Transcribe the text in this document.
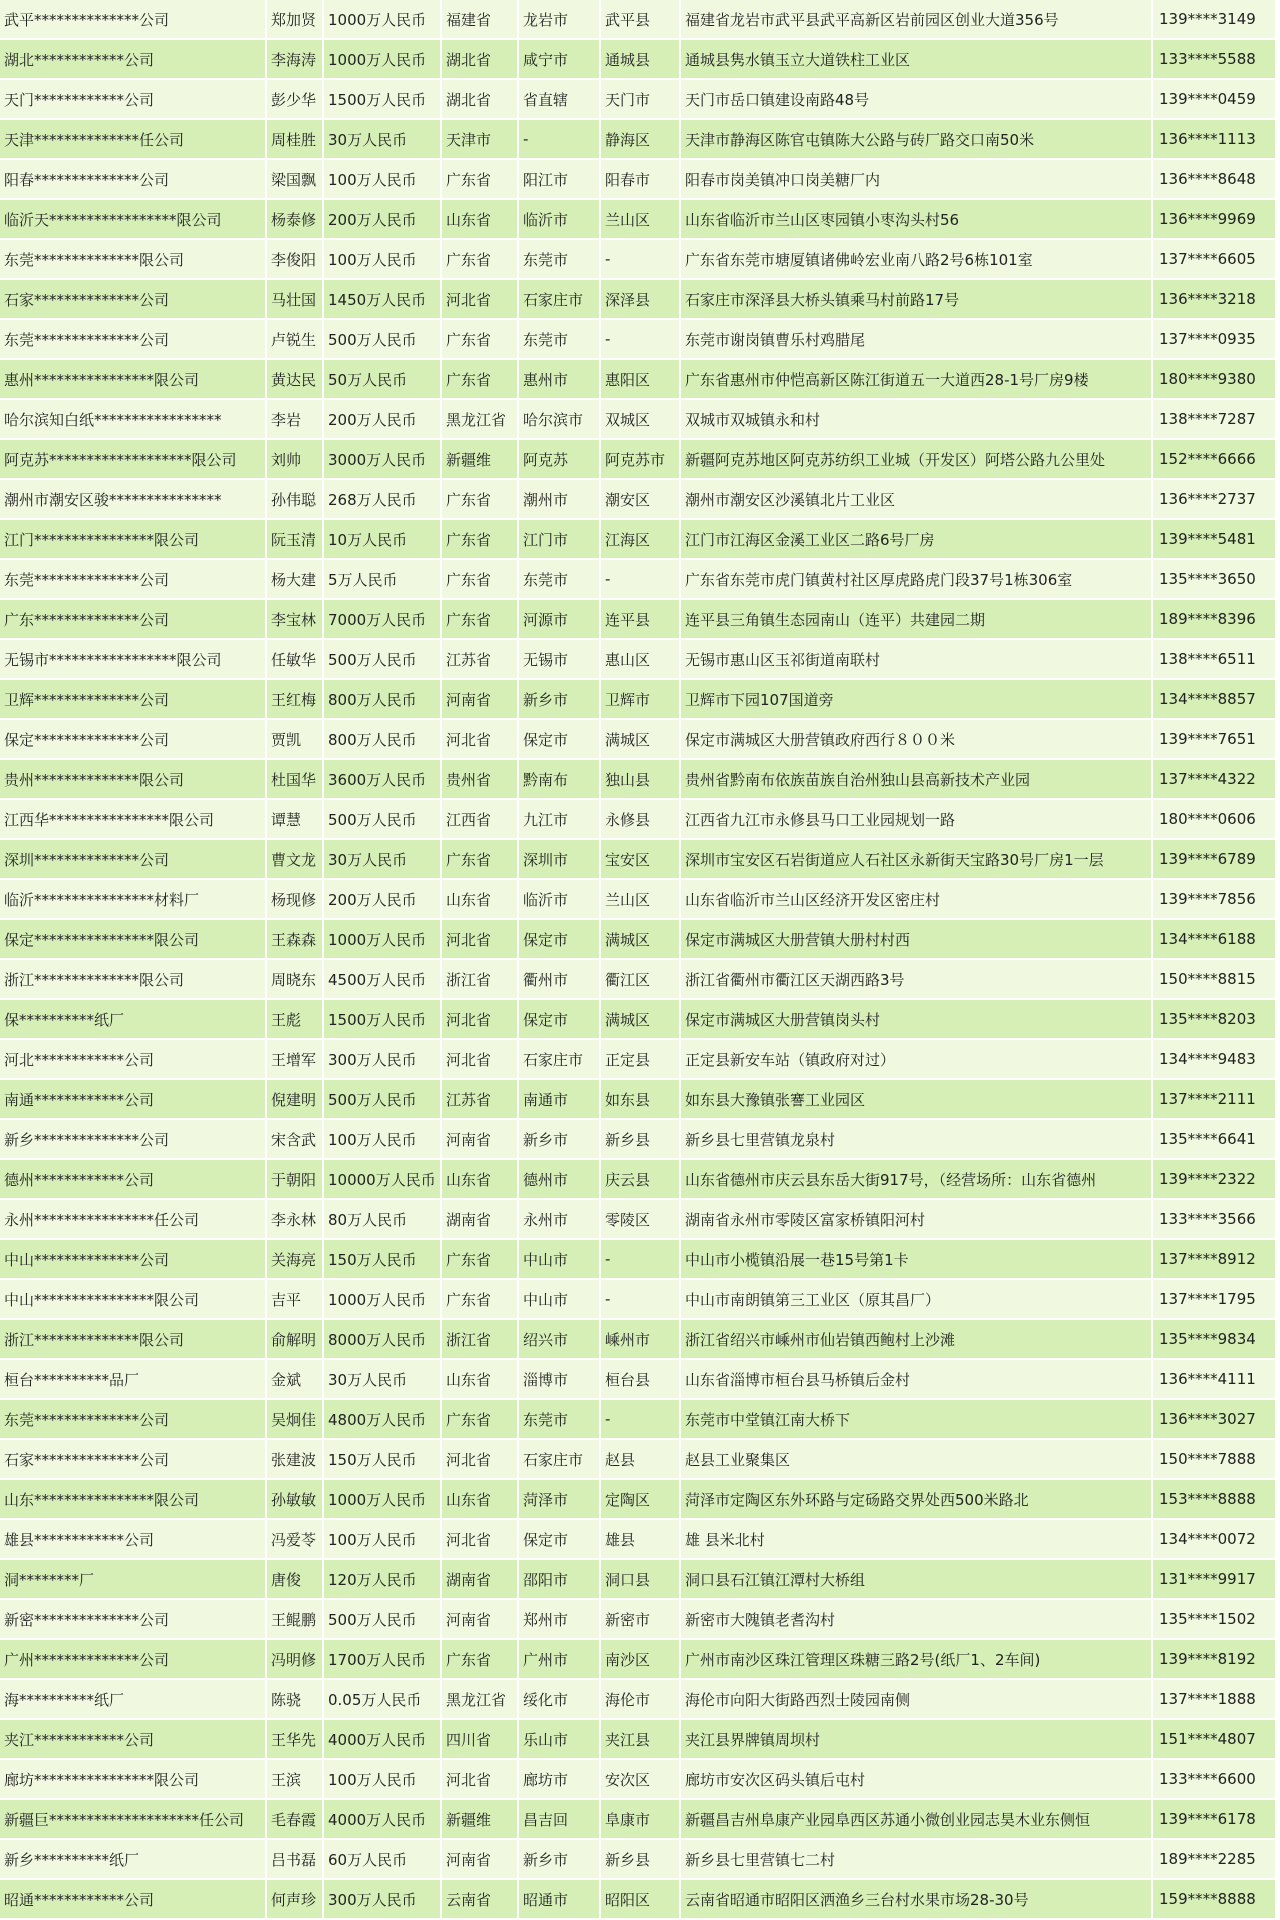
武平**************公司	郑加贤	1000万人民币	福建省	龙岩市	武平县	福建省龙岩市武平县武平高新区岩前园区创业大道356号	139****3149
湖北************公司	李海涛	1000万人民币	湖北省	咸宁市	通城县	通城县隽水镇玉立大道铁柱工业区	133****5588
天门************公司	彭少华	1500万人民币	湖北省	省直辖	天门市	天门市岳口镇建设南路48号	139****0459
天津**************任公司	周桂胜	30万人民币	天津市	-	静海区	天津市静海区陈官屯镇陈大公路与砖厂路交口南50米	136****1113
阳春**************公司	梁国飘	100万人民币	广东省	阳江市	阳春市	阳春市岗美镇冲口岗美糖厂内	136****8648
临沂天*****************限公司	杨泰修	200万人民币	山东省	临沂市	兰山区	山东省临沂市兰山区枣园镇小枣沟头村56	136****9969
东莞**************限公司	李俊阳	100万人民币	广东省	东莞市	-	广东省东莞市塘厦镇诸佛岭宏业南八路2号6栋101室	137****6605
石家**************公司	马壮国	1450万人民币	河北省	石家庄市	深泽县	石家庄市深泽县大桥头镇乘马村前路17号	136****3218
东莞**************公司	卢锐生	500万人民币	广东省	东莞市	-	东莞市谢岗镇曹乐村鸡腊尾	137****0935
惠州****************限公司	黄达民	50万人民币	广东省	惠州市	惠阳区	广东省惠州市仲恺高新区陈江街道五一大道西28-1号厂房9楼	180****9380
哈尔滨知白纸*****************	李岩	200万人民币	黑龙江省	哈尔滨市	双城区	双城市双城镇永和村	138****7287
阿克苏*******************限公司	刘帅	3000万人民币	新疆维	阿克苏	阿克苏市	新疆阿克苏地区阿克苏纺织工业城（开发区）阿塔公路九公里处	152****6666
潮州市潮安区骏***************	孙伟聪	268万人民币	广东省	潮州市	潮安区	潮州市潮安区沙溪镇北片工业区	136****2737
江门****************限公司	阮玉清	10万人民币	广东省	江门市	江海区	江门市江海区金溪工业区二路6号厂房	139****5481
东莞**************公司	杨大建	5万人民币	广东省	东莞市	-	广东省东莞市虎门镇黄村社区厚虎路虎门段37号1栋306室	135****3650
广东**************公司	李宝林	7000万人民币	广东省	河源市	连平县	连平县三角镇生态园南山（连平）共建园二期	189****8396
无锡市*****************限公司	任敏华	500万人民币	江苏省	无锡市	惠山区	无锡市惠山区玉祁街道南联村	138****6511
卫辉**************公司	王红梅	800万人民币	河南省	新乡市	卫辉市	卫辉市下园107国道旁	134****8857
保定**************公司	贾凯	800万人民币	河北省	保定市	满城区	保定市满城区大册营镇政府西行８００米	139****7651
贵州**************限公司	杜国华	3600万人民币	贵州省	黔南布	独山县	贵州省黔南布依族苗族自治州独山县高新技术产业园	137****4322
江西华****************限公司	谭慧	500万人民币	江西省	九江市	永修县	江西省九江市永修县马口工业园规划一路	180****0606
深圳**************公司	曹文龙	30万人民币	广东省	深圳市	宝安区	深圳市宝安区石岩街道应人石社区永新街天宝路30号厂房1一层	139****6789
临沂****************材料厂	杨现修	200万人民币	山东省	临沂市	兰山区	山东省临沂市兰山区经济开发区密庄村	139****7856
保定****************限公司	王森森	1000万人民币	河北省	保定市	满城区	保定市满城区大册营镇大册村村西	134****6188
浙江**************限公司	周晓东	4500万人民币	浙江省	衢州市	衢江区	浙江省衢州市衢江区天湖西路3号	150****8815
保**********纸厂	王彪	1500万人民币	河北省	保定市	满城区	保定市满城区大册营镇岗头村	135****8203
河北************公司	王增军	300万人民币	河北省	石家庄市	正定县	正定县新安车站（镇政府对过）	134****9483
南通************公司	倪建明	500万人民币	江苏省	南通市	如东县	如东县大豫镇张謇工业园区	137****2111
新乡**************公司	宋含武	100万人民币	河南省	新乡市	新乡县	新乡县七里营镇龙泉村	135****6641
德州************公司	于朝阳	10000万人民币	山东省	德州市	庆云县	山东省德州市庆云县东岳大街917号，（经营场所：山东省德州	139****2322
永州****************任公司	李永林	80万人民币	湖南省	永州市	零陵区	湖南省永州市零陵区富家桥镇阳河村	133****3566
中山**************公司	关海亮	150万人民币	广东省	中山市	-	中山市小榄镇沿展一巷15号第1卡	137****8912
中山****************限公司	吉平	1000万人民币	广东省	中山市	-	中山市南朗镇第三工业区（原其昌厂）	137****1795
浙江**************限公司	俞解明	8000万人民币	浙江省	绍兴市	嵊州市	浙江省绍兴市嵊州市仙岩镇西鲍村上沙滩	135****9834
桓台**********品厂	金斌	30万人民币	山东省	淄博市	桓台县	山东省淄博市桓台县马桥镇后金村	136****4111
东莞**************公司	吴炯佳	4800万人民币	广东省	东莞市	-	东莞市中堂镇江南大桥下	136****3027
石家**************公司	张建波	150万人民币	河北省	石家庄市	赵县	赵县工业聚集区	150****7888
山东****************限公司	孙敏敏	1000万人民币	山东省	菏泽市	定陶区	菏泽市定陶区东外环路与定砀路交界处西500米路北	153****8888
雄县************公司	冯爱苓	100万人民币	河北省	保定市	雄县	雄 县米北村	134****0072
洞********厂	唐俊	120万人民币	湖南省	邵阳市	洞口县	洞口县石江镇江潭村大桥组	131****9917
新密**************公司	王鲲鹏	500万人民币	河南省	郑州市	新密市	新密市大隗镇老耆沟村	135****1502
广州**************公司	冯明修	1700万人民币	广东省	广州市	南沙区	广州市南沙区珠江管理区珠糖三路2号(纸厂1、2车间)	139****8192
海**********纸厂	陈骁	0.05万人民币	黑龙江省	绥化市	海伦市	海伦市向阳大街路西烈士陵园南侧	137****1888
夹江************公司	王华先	4000万人民币	四川省	乐山市	夹江县	夹江县界牌镇周坝村	151****4807
廊坊****************限公司	王滨	100万人民币	河北省	廊坊市	安次区	廊坊市安次区码头镇后屯村	133****6600
新疆巨********************任公司	毛春霞	4000万人民币	新疆维	昌吉回	阜康市	新疆昌吉州阜康产业园阜西区苏通小微创业园志昊木业东侧恒	139****6178
新乡**********纸厂	吕书磊	60万人民币	河南省	新乡市	新乡县	新乡县七里营镇七二村	189****2285
昭通************公司	何声珍	300万人民币	云南省	昭通市	昭阳区	云南省昭通市昭阳区洒渔乡三台村水果市场28-30号	159****8888
